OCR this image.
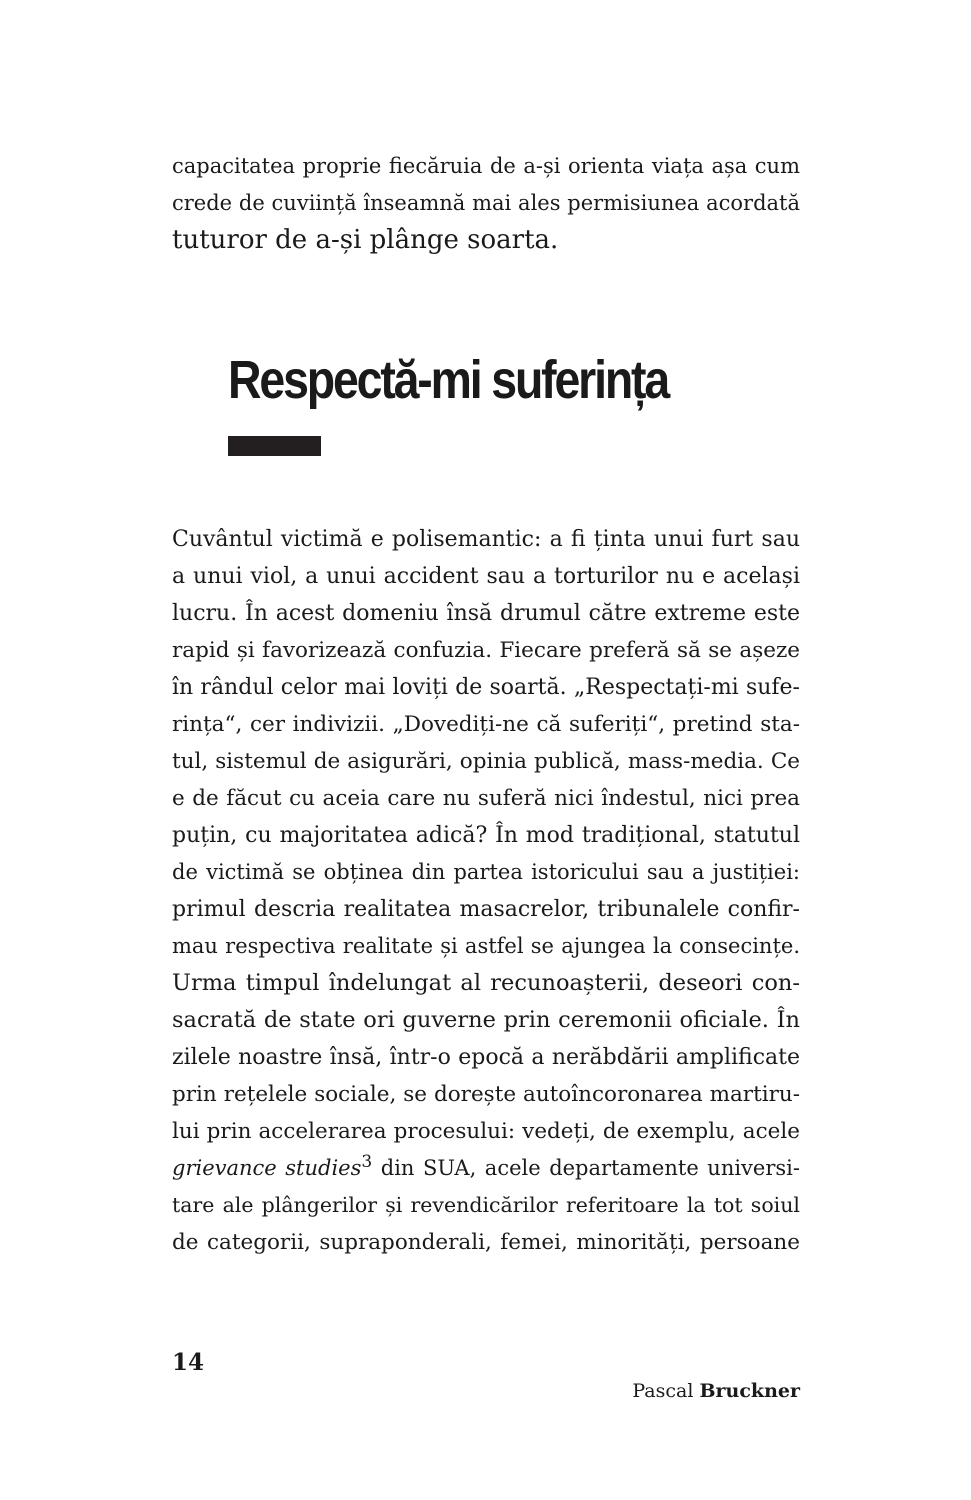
capacitatea proprie fiecăruia de a-și orienta viața așa cum
crede de cuviință înseamnă mai ales permisiunea acordată
tuturor de a-și plânge soarta.
Respectă-mi suferința
Cuvântul victimă e polisemantic: a fi ținta unui furt sau
a unui viol, a unui accident sau a torturilor nu e același
lucru. În acest domeniu însă drumul către extreme este
rapid și favorizează confuzia. Fiecare preferă să se așeze
în rândul celor mai loviți de soartă. „Respectați-mi sufe-
rința“, cer indivizii. „Dovediți-ne că suferiți“, pretind sta-
tul, sistemul de asigurări, opinia publică, mass-media. Ce
e de făcut cu aceia care nu suferă nici îndestul, nici prea
puțin, cu majoritatea adică? În mod tradițional, statutul
de victimă se obținea din partea istoricului sau a justiției:
primul descria realitatea masacrelor, tribunalele confir-
mau respectiva realitate și astfel se ajungea la consecințe.
Urma timpul îndelungat al recunoașterii, deseori con-
sacrată de state ori guverne prin ceremonii oficiale. În
zilele noastre însă, într-o epocă a nerăbdării amplificate
prin rețelele sociale, se dorește autoîncoronarea martiru-
lui prin accelerarea procesului: vedeți, de exemplu, acele
grievance studies$^3$ din SUA, acele departamente universi-
tare ale plângerilor și revendicărilor referitoare la tot soiul
de categorii, supraponderali, femei, minorități, persoane
14
Pascal Bruckner
